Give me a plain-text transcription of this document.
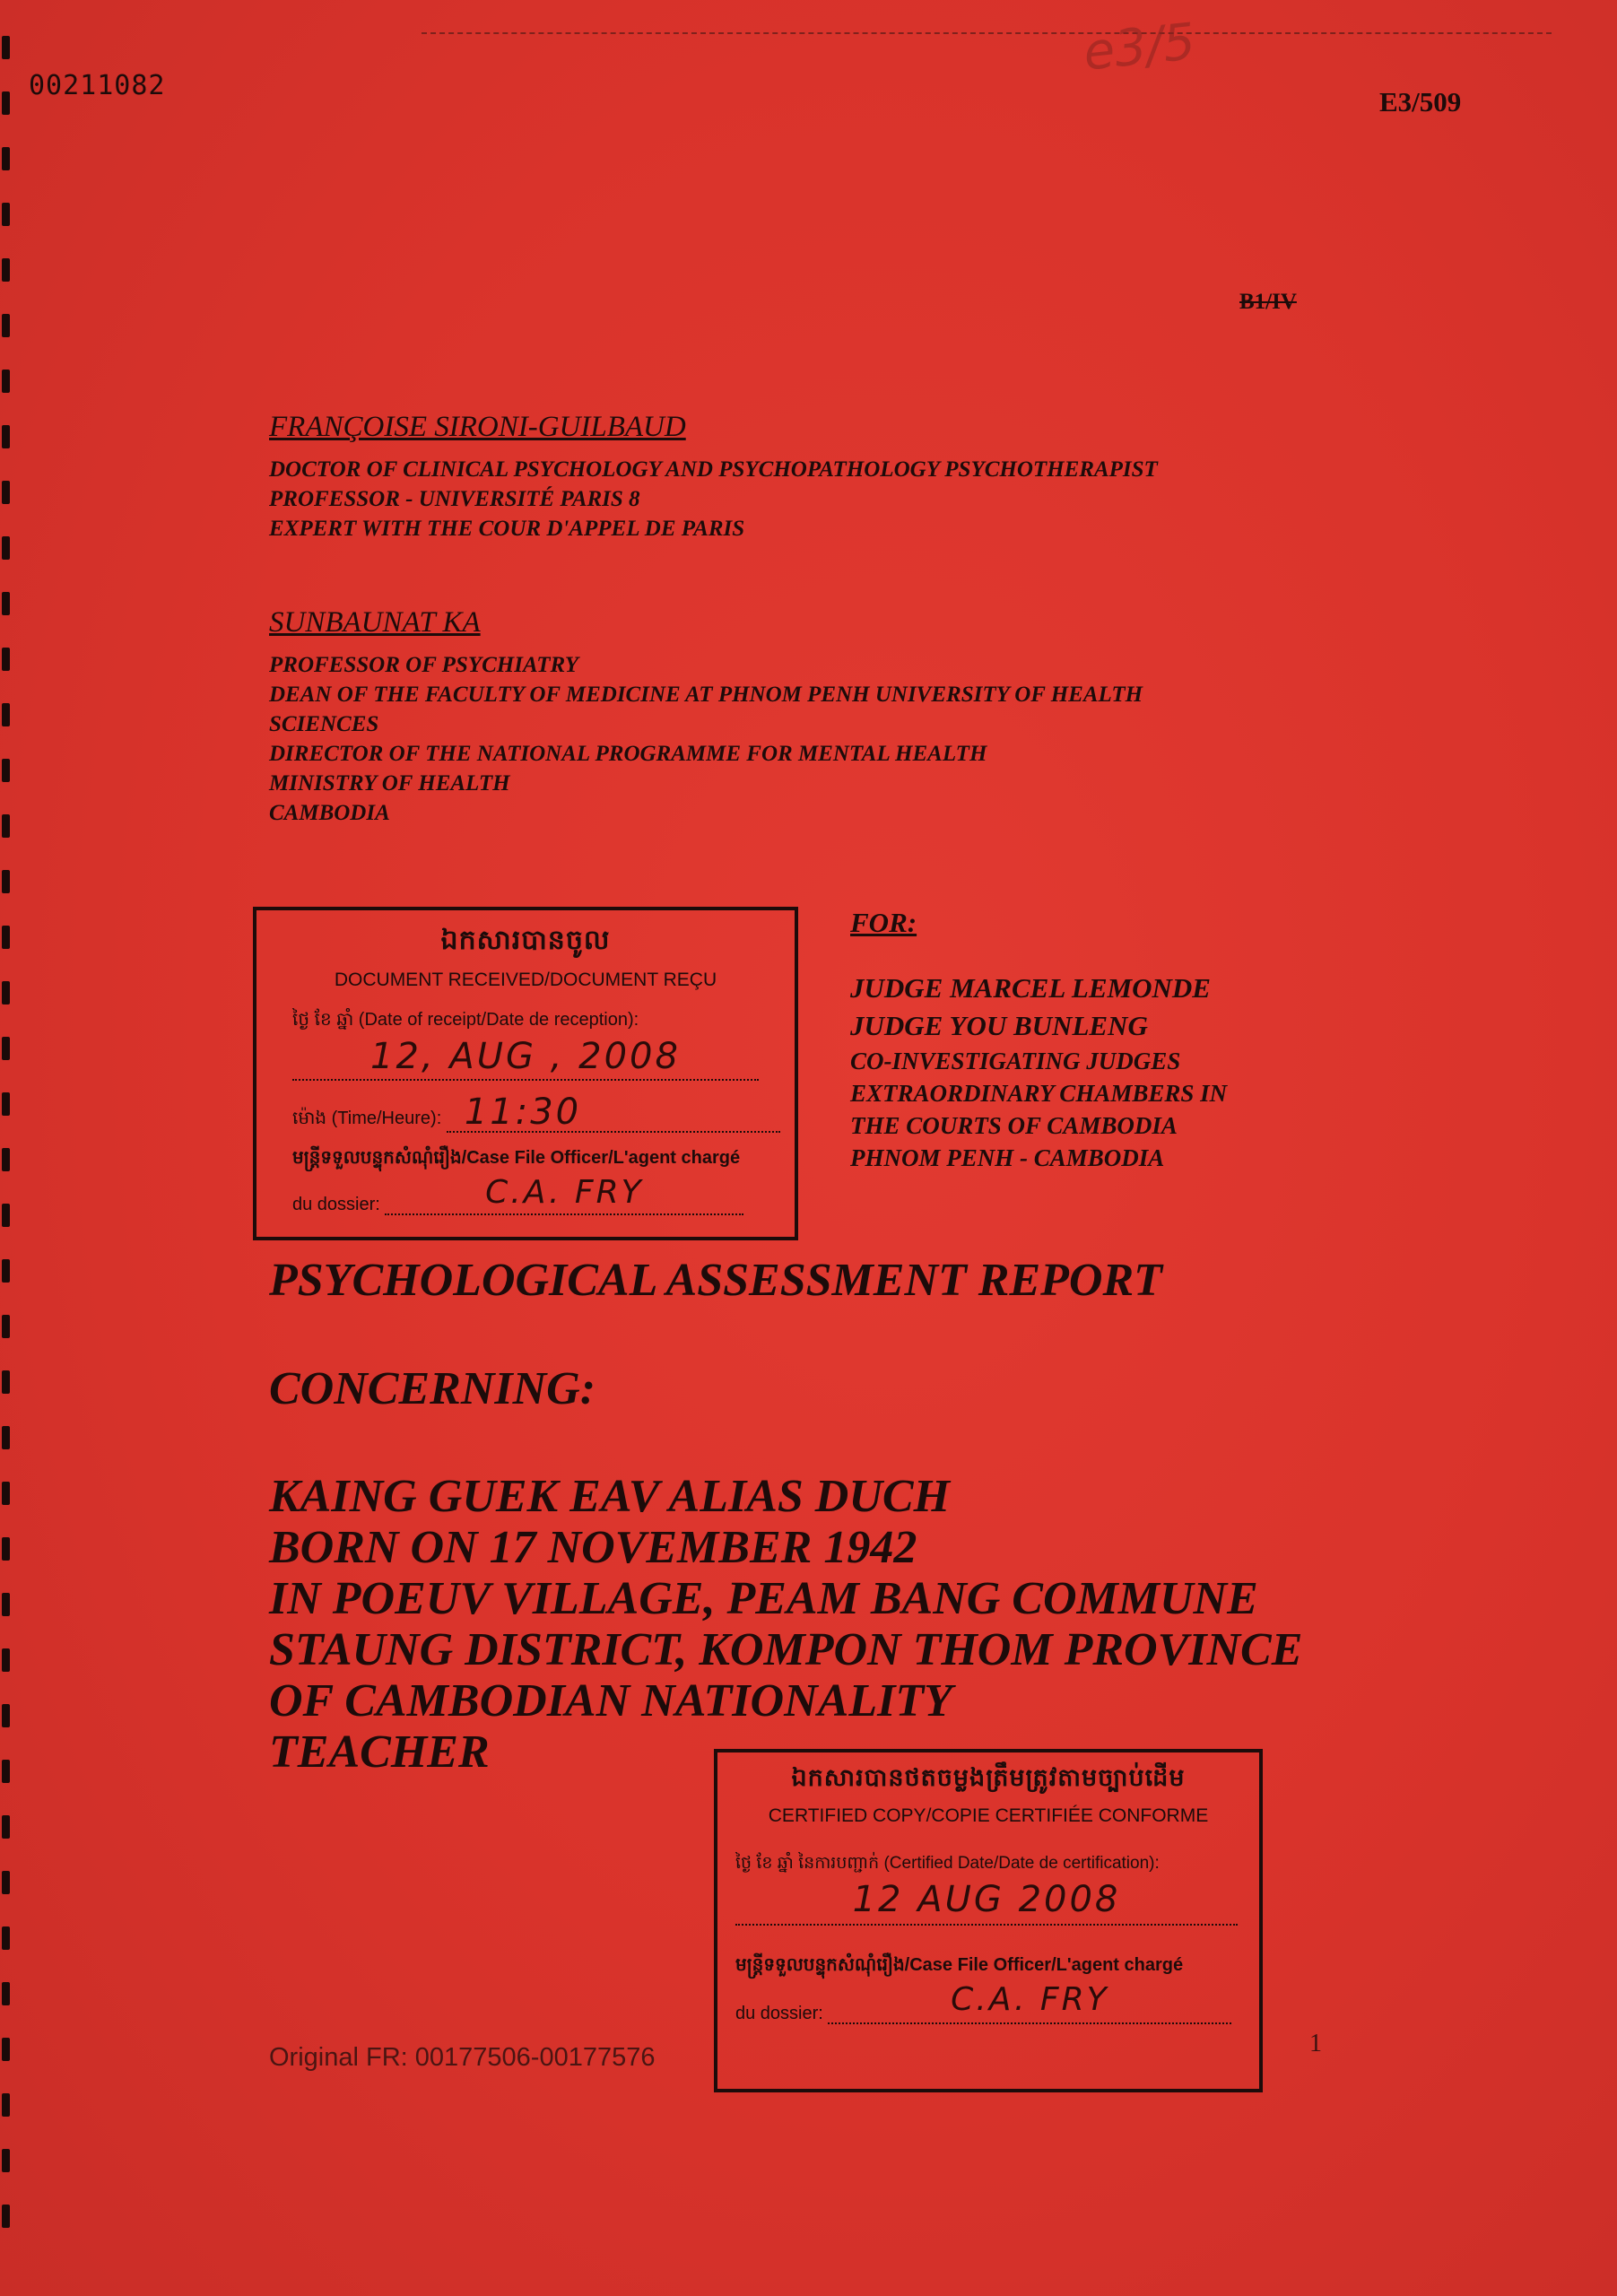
e3/5
00211082
E3/509
B1/IV
FRANÇOISE SIRONI-GUILBAUD
DOCTOR OF CLINICAL PSYCHOLOGY AND PSYCHOPATHOLOGY PSYCHOTHERAPIST
PROFESSOR - UNIVERSITÉ PARIS 8
EXPERT WITH THE COUR D'APPEL DE PARIS
SUNBAUNAT KA
PROFESSOR OF PSYCHIATRY
DEAN OF THE FACULTY OF MEDICINE AT PHNOM PENH UNIVERSITY OF HEALTH
SCIENCES
DIRECTOR OF THE NATIONAL PROGRAMME FOR MENTAL HEALTH
MINISTRY OF HEALTH
CAMBODIA
ឯកសារបានចូល
DOCUMENT RECEIVED/DOCUMENT REÇU
ថ្ងៃ ខែ ឆ្នាំ (Date of receipt/Date de reception):
12, AUG , 2008
ម៉ោង (Time/Heure): 11:30
មន្ត្រីទទួលបន្ទុកសំណុំរឿង/Case File Officer/L'agent chargé
du dossier:	C.A. FRY
FOR:
JUDGE MARCEL LEMONDE
JUDGE YOU BUNLENG
CO-INVESTIGATING JUDGES
EXTRAORDINARY CHAMBERS IN
THE COURTS OF CAMBODIA
PHNOM PENH - CAMBODIA
PSYCHOLOGICAL ASSESSMENT REPORT
CONCERNING:
KAING GUEK EAV ALIAS DUCH
BORN ON 17 NOVEMBER 1942
IN POEUV VILLAGE, PEAM BANG COMMUNE
STAUNG DISTRICT, KOMPON THOM PROVINCE
OF CAMBODIAN NATIONALITY
TEACHER	ឯកសារបានថតចម្លងត្រឹមត្រូវតាមច្បាប់ដើម
CERTIFIED COPY/COPIE CERTIFIÉE CONFORME
ថ្ងៃ ខែ ឆ្នាំ នៃការបញ្ជាក់ (Certified Date/Date de certification):
12 AUG 2008
មន្ត្រីទទួលបន្ទុកសំណុំរឿង/Case File Officer/L'agent chargé
du dossier:	C.A. FRY
Original FR: 00177506-00177576	1
